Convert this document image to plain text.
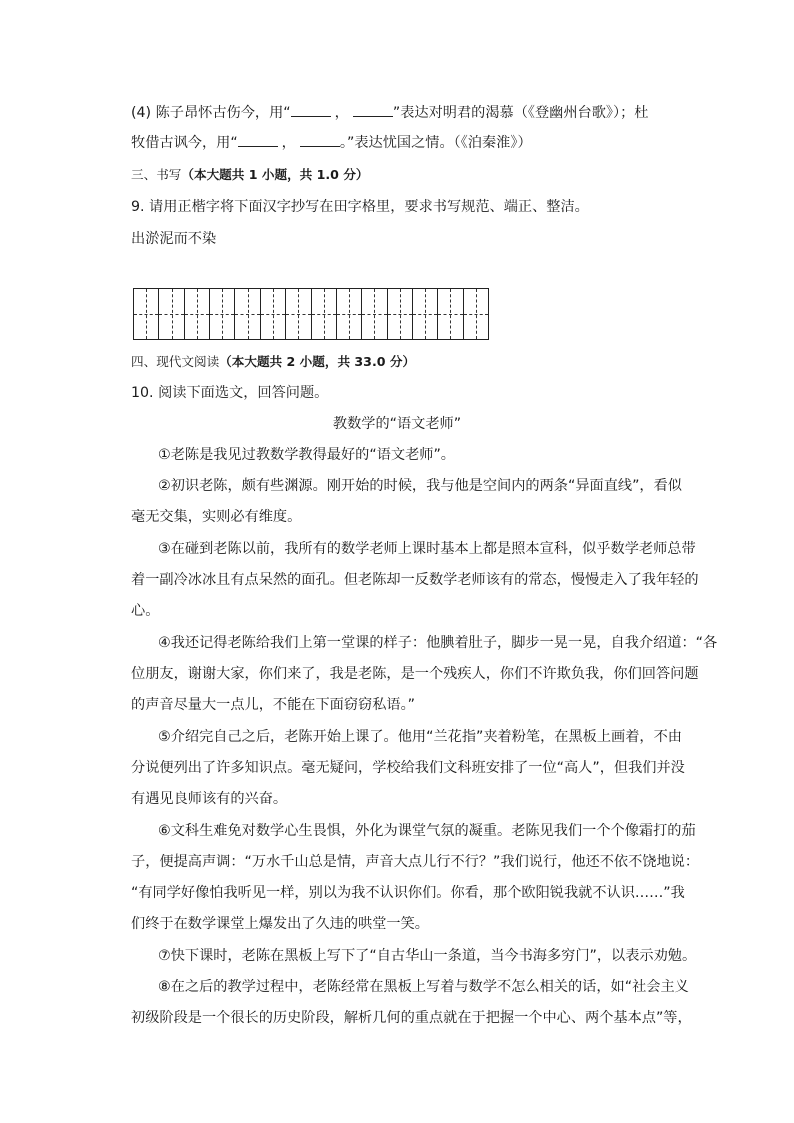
(4) 陈子昂怀古伤今，用“	，	”表达对明君的渴慕（《登幽州台歌》）；杜
牧借古讽今，用“	，	。”表达忧国之情。（《泊秦淮》）
三、书写（本大题共 1 小题，共 1.0 分）
9. 请用正楷字将下面汉字抄写在田字格里，要求书写规范、端正、整洁。
出淤泥而不染
四、现代文阅读（本大题共 2 小题，共 33.0 分）
10. 阅读下面选文，回答问题。
教数学的“语文老师”
①老陈是我见过教数学教得最好的“语文老师”。
②初识老陈，颇有些渊源。刚开始的时候，我与他是空间内的两条“异面直线”，看似
毫无交集，实则必有维度。
③在碰到老陈以前，我所有的数学老师上课时基本上都是照本宣科，似乎数学老师总带
着一副冷冰冰且有点呆然的面孔。但老陈却一反数学老师该有的常态，慢慢走入了我年轻的
心。
④我还记得老陈给我们上第一堂课的样子：他腆着肚子，脚步一晃一晃，自我介绍道：“各
位朋友，谢谢大家，你们来了，我是老陈，是一个残疾人，你们不许欺负我，你们回答问题
的声音尽量大一点儿，不能在下面窃窃私语。”
⑤介绍完自己之后，老陈开始上课了。他用“兰花指”夹着粉笔，在黑板上画着，不由
分说便列出了许多知识点。毫无疑问，学校给我们文科班安排了一位“高人”，但我们并没
有遇见良师该有的兴奋。
⑥文科生难免对数学心生畏惧，外化为课堂气氛的凝重。老陈见我们一个个像霜打的茄
子，便提高声调：“万水千山总是情，声音大点儿行不行？”我们说行，他还不依不饶地说：
“有同学好像怕我听见一样，别以为我不认识你们。你看，那个欧阳锐我就不认识……”我
们终于在数学课堂上爆发出了久违的哄堂一笑。
⑦快下课时，老陈在黑板上写下了“自古华山一条道，当今书海多穷门”，以表示劝勉。
⑧在之后的教学过程中，老陈经常在黑板上写着与数学不怎么相关的话，如“社会主义
初级阶段是一个很长的历史阶段，解析几何的重点就在于把握一个中心、两个基本点”等，
